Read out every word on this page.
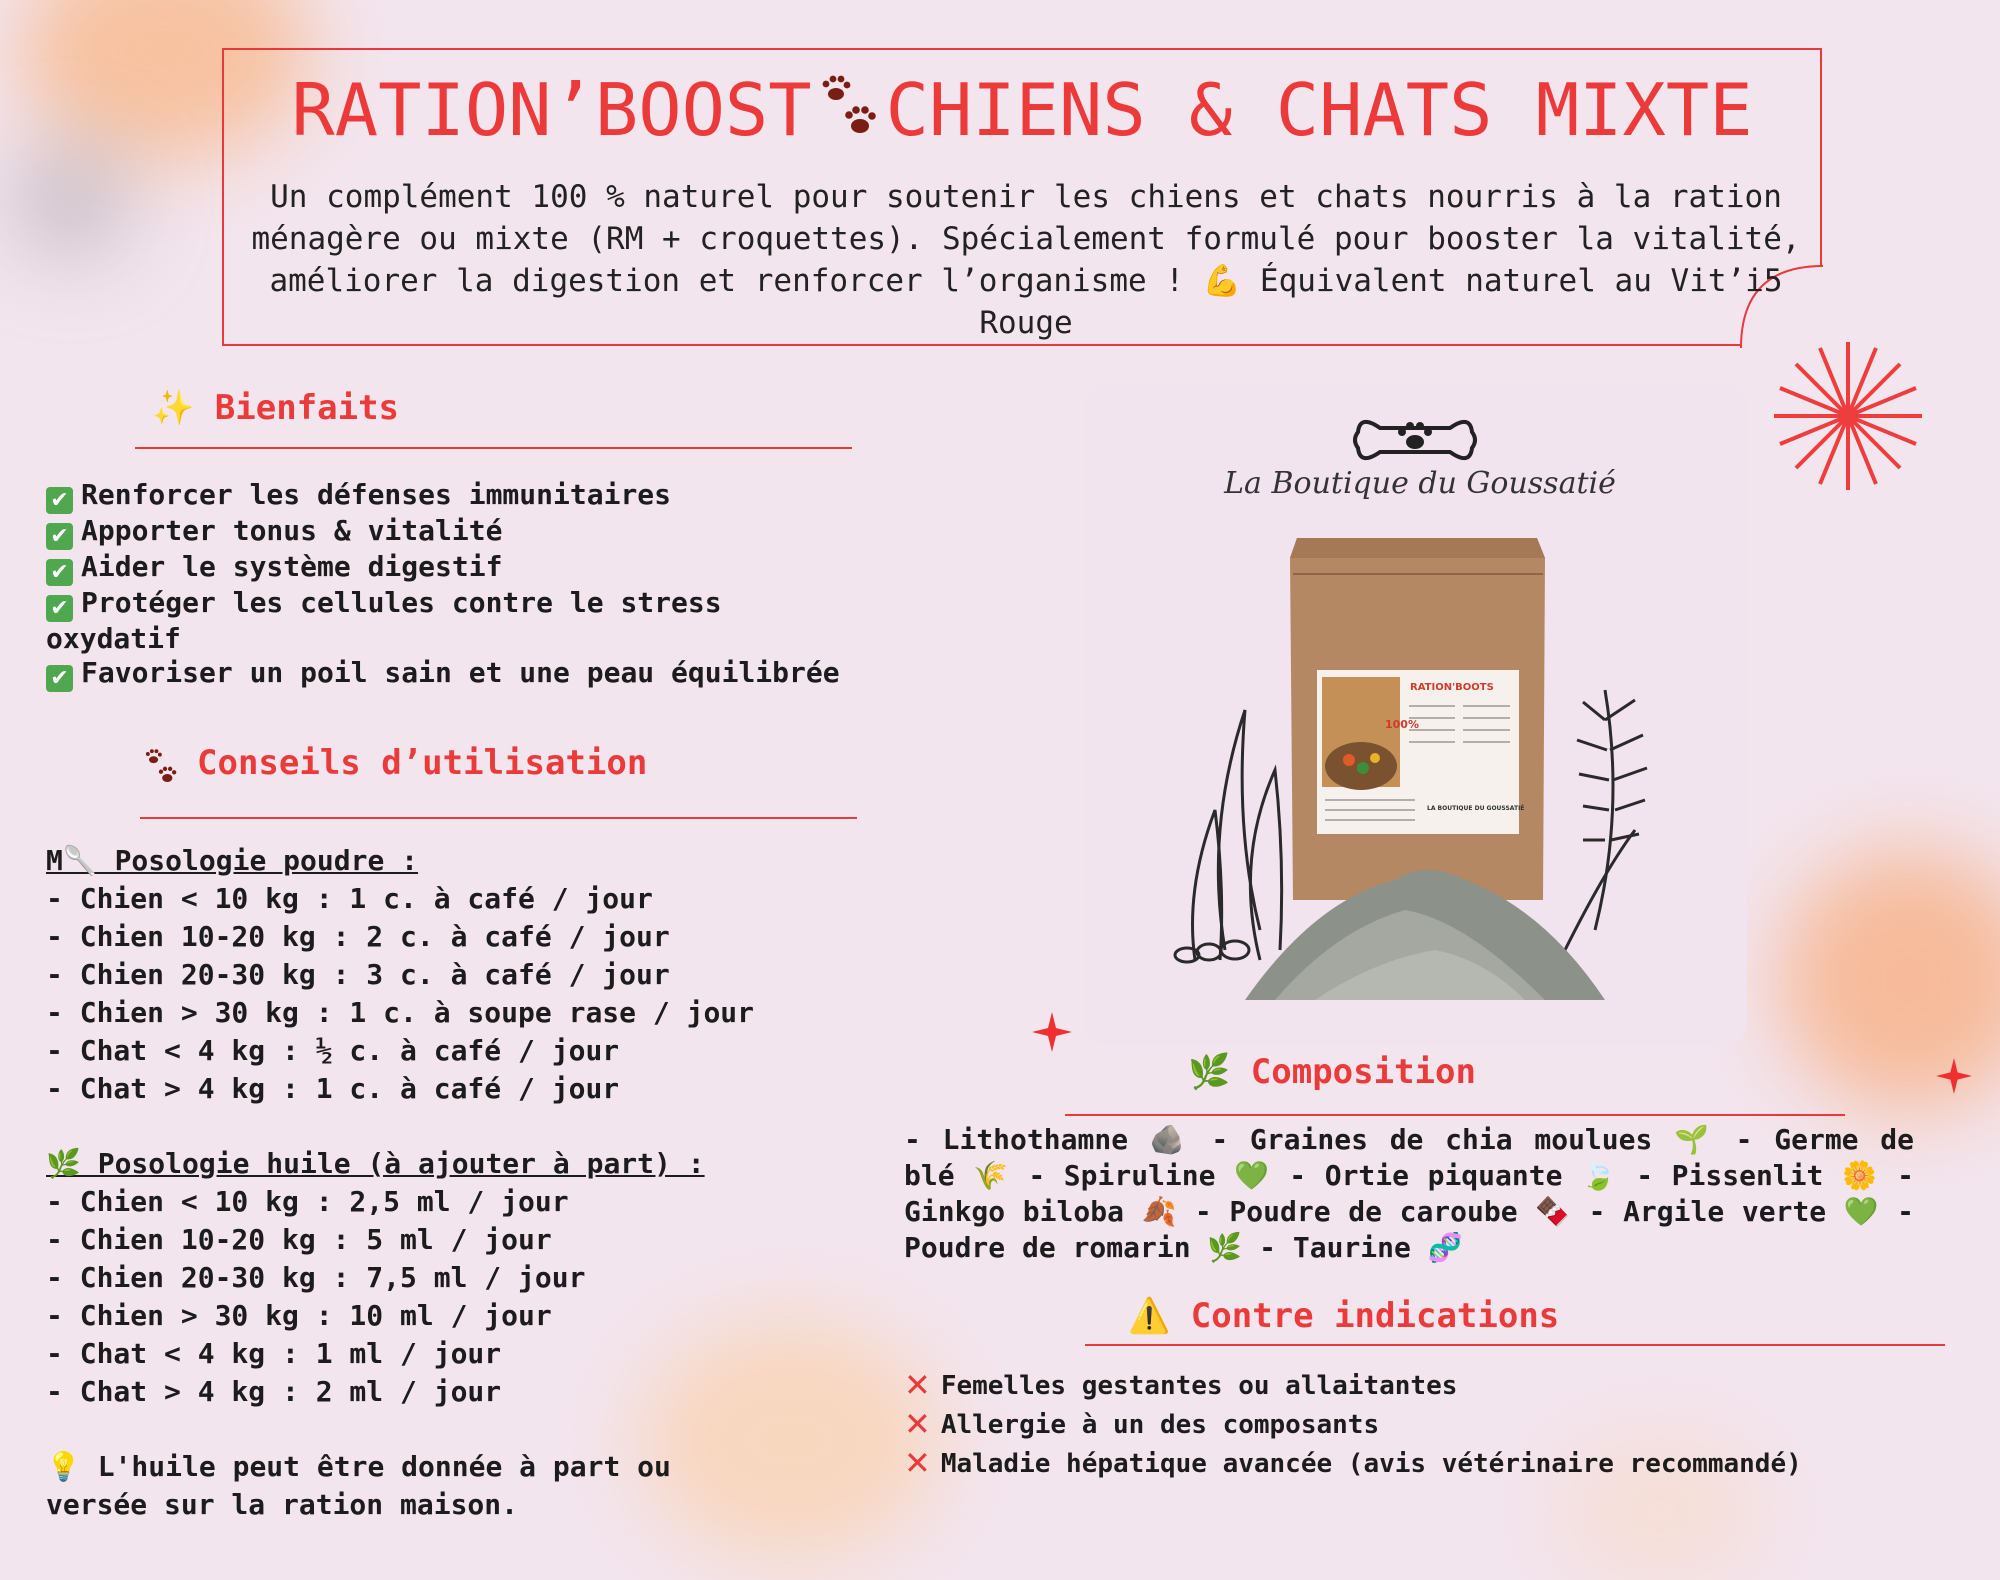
RATION’BOOST CHIENS & CHATS MIXTE
Un complément 100 % naturel pour soutenir les chiens et chats nourris à la ration ménagère ou mixte (RM + croquettes). Spécialement formulé pour booster la vitalité, améliorer la digestion et renforcer l’organisme ! 💪 Équivalent naturel au Vit’i5 Rouge
✨ Bienfaits
✔ Renforcer les défenses immunitaires
✔ Apporter tonus & vitalité
✔ Aider le système digestif
✔ Protéger les cellules contre le stress oxydatif
✔ Favoriser un poil sain et une peau équilibrée
Conseils d’utilisation
M🥄 Posologie poudre :
- Chien < 10 kg : 1 c. à café / jour
- Chien 10-20 kg : 2 c. à café / jour
- Chien 20-30 kg : 3 c. à café / jour
- Chien > 30 kg : 1 c. à soupe rase / jour
- Chat < 4 kg : ½ c. à café / jour
- Chat > 4 kg : 1 c. à café / jour
🌿 Posologie huile (à ajouter à part) :
- Chien < 10 kg : 2,5 ml / jour
- Chien 10-20 kg : 5 ml / jour
- Chien 20-30 kg : 7,5 ml / jour
- Chien > 30 kg : 10 ml / jour
- Chat < 4 kg : 1 ml / jour
- Chat > 4 kg : 2 ml / jour
💡 L'huile peut être donnée à part ou versée sur la ration maison.
La Boutique du Goussatié
RATION'BOOTS
100%
LA BOUTIQUE DU GOUSSATIÉ
🌿 Composition
- Lithothamne 🪨 - Graines de chia moulues 🌱 - Germe de blé 🌾 - Spiruline 💚 - Ortie piquante 🍃 - Pissenlit 🌼 - Ginkgo biloba 🍂 - Poudre de caroube 🍫 - Argile verte 💚 - Poudre de romarin 🌿 - Taurine 🧬
⚠️ Contre indications
✕ Femelles gestantes ou allaitantes
✕ Allergie à un des composants
✕ Maladie hépatique avancée (avis vétérinaire recommandé)
